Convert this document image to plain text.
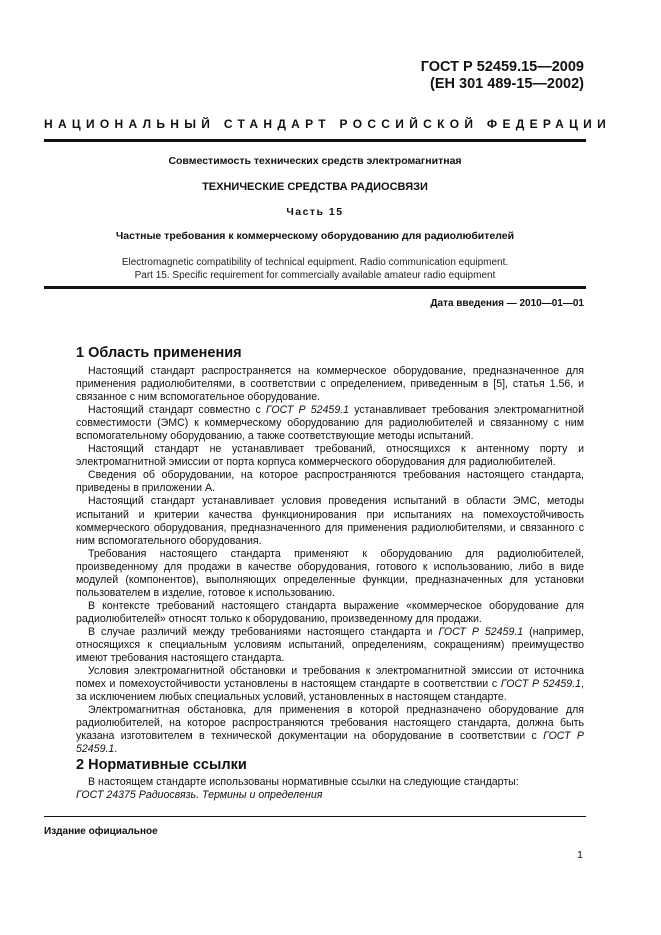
ГОСТ Р 52459.15—2009
(ЕН 301 489-15—2002)
НАЦИОНАЛЬНЫЙ СТАНДАРТ РОССИЙСКОЙ ФЕДЕРАЦИИ
Совместимость технических средств электромагнитная
ТЕХНИЧЕСКИЕ СРЕДСТВА РАДИОСВЯЗИ
Часть 15
Частные требования к коммерческому оборудованию для радиолюбителей
Electromagnetic compatibility of technical equipment. Radio communication equipment.
Part 15. Specific requirement for commercially available amateur radio equipment
Дата введения — 2010—01—01
1 Область применения

Настоящий стандарт распространяется на коммерческое оборудование, предназначенное для применения радиолюбителями, в соответствии с определением, приведенным в [5], статья 1.56, и связанное с ним вспомогательное оборудование.

Настоящий стандарт совместно с ГОСТ Р 52459.1 устанавливает требования электромагнитной совместимости (ЭМС) к коммерческому оборудованию для радиолюбителей и связанному с ним вспомогательному оборудованию, а также соответствующие методы испытаний.

Настоящий стандарт не устанавливает требований, относящихся к антенному порту и электромагнитной эмиссии от порта корпуса коммерческого оборудования для радиолюбителей.

Сведения об оборудовании, на которое распространяются требования настоящего стандарта, приведены в приложении А.

Настоящий стандарт устанавливает условия проведения испытаний в области ЭМС, методы испытаний и критерии качества функционирования при испытаниях на помехоустойчивость коммерческого оборудования, предназначенного для применения радиолюбителями, и связанного с ним вспомогательного оборудования.

Требования настоящего стандарта применяют к оборудованию для радиолюбителей, произведенному для продажи в качестве оборудования, готового к использованию, либо в виде модулей (компонентов), выполняющих определенные функции, предназначенных для установки пользователем в изделие, готовое к использованию.

В контексте требований настоящего стандарта выражение «коммерческое оборудование для радиолюбителей» относят только к оборудованию, произведенному для продажи.

В случае различий между требованиями настоящего стандарта и ГОСТ Р 52459.1 (например, относящихся к специальным условиям испытаний, определениям, сокращениям) преимущество имеют требования настоящего стандарта.

Условия электромагнитной обстановки и требования к электромагнитной эмиссии от источника помех и помехоустойчивости установлены в настоящем стандарте в соответствии с ГОСТ Р 52459.1, за исключением любых специальных условий, установленных в настоящем стандарте.

Электромагнитная обстановка, для применения в которой предназначено оборудование для радиолюбителей, на которое распространяются требования настоящего стандарта, должна быть указана изготовителем в технической документации на оборудование в соответствии с ГОСТ Р 52459.1.

2 Нормативные ссылки

В настоящем стандарте использованы нормативные ссылки на следующие стандарты:

ГОСТ 24375 Радиосвязь. Термины и определения

Издание официальное
1
